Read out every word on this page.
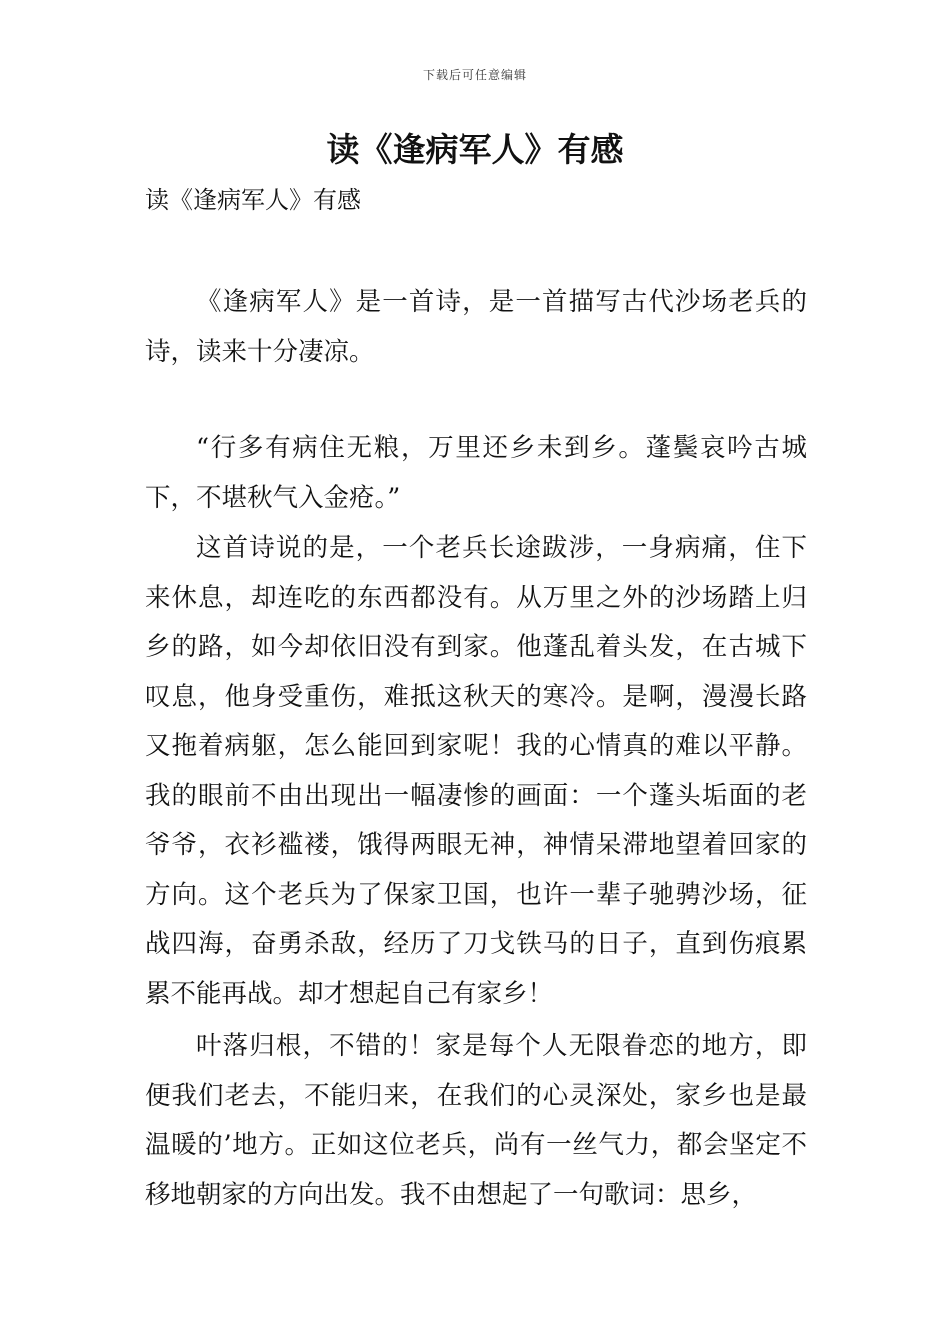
下载后可任意编辑
读《逢病军人》有感

读《逢病军人》有感

《逢病军人》是一首诗，是一首描写古代沙场老兵的诗，读来十分凄凉。

“行多有病住无粮，万里还乡未到乡。蓬鬓哀吟古城下，不堪秋气入金疮。”

这首诗说的是，一个老兵长途跋涉，一身病痛，住下来休息，却连吃的东西都没有。从万里之外的沙场踏上归乡的路，如今却依旧没有到家。他蓬乱着头发，在古城下叹息，他身受重伤，难抵这秋天的寒冷。是啊，漫漫长路又拖着病躯，怎么能回到家呢！我的心情真的难以平静。我的眼前不由出现出一幅凄惨的画面：一个蓬头垢面的老爷爷，衣衫褴褛，饿得两眼无神，神情呆滞地望着回家的方向。这个老兵为了保家卫国，也许一辈子驰骋沙场，征战四海，奋勇杀敌，经历了刀戈铁马的日子，直到伤痕累累不能再战。却才想起自己有家乡！

叶落归根，不错的！家是每个人无限眷恋的地方，即便我们老去，不能归来，在我们的心灵深处，家乡也是最温暖的’地方。正如这位老兵，尚有一丝气力，都会坚定不移地朝家的方向出发。我不由想起了一句歌词：思乡，
